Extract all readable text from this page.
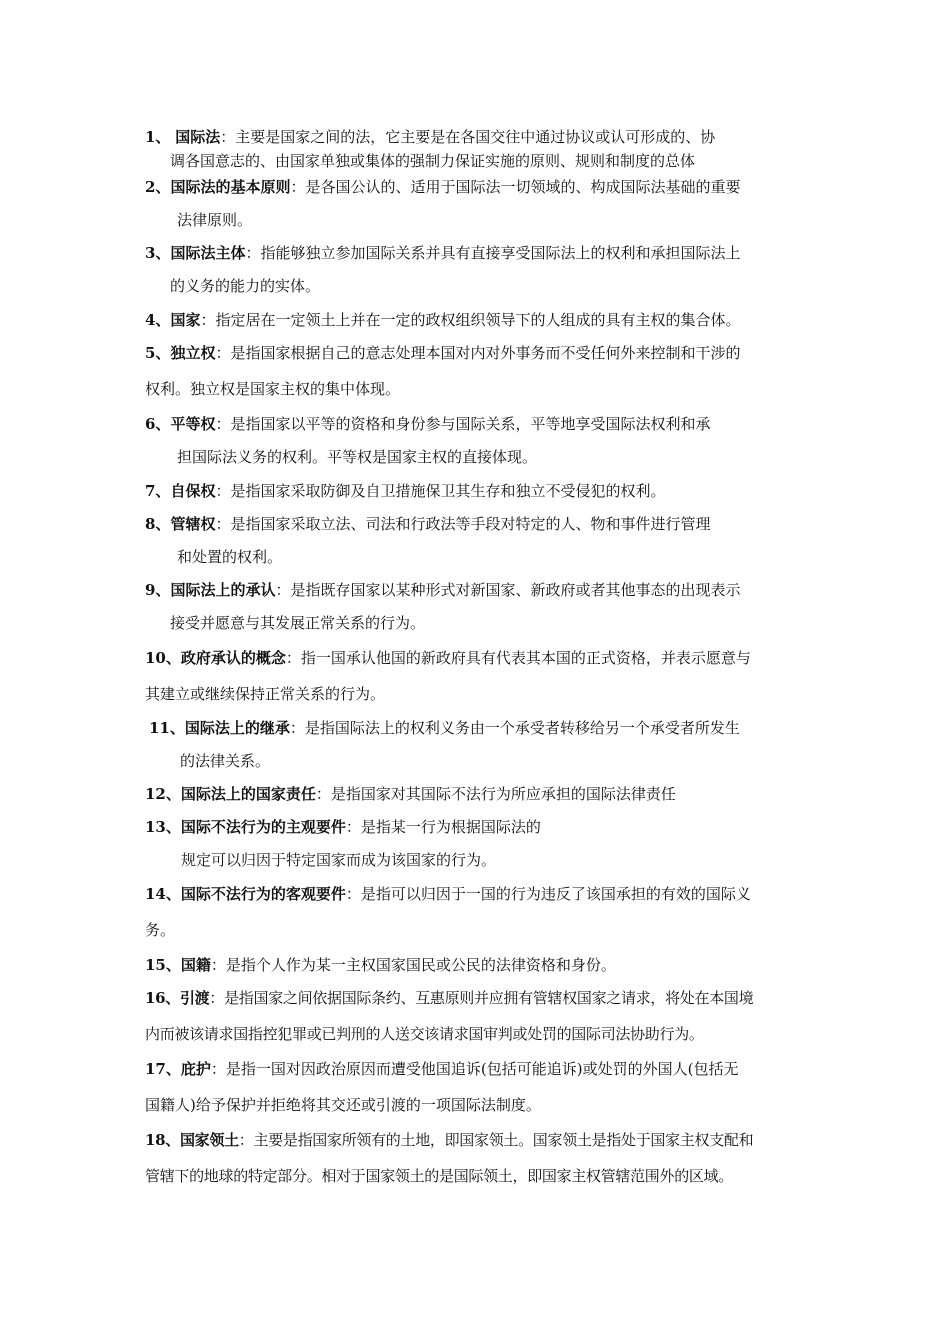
1、 国际法：主要是国家之间的法，它主要是在各国交往中通过协议或认可形成的、协
调各国意志的、由国家单独或集体的强制力保证实施的原则、规则和制度的总体
2、国际法的基本原则：是各国公认的、适用于国际法一切领域的、构成国际法基础的重要
法律原则。
3、国际法主体：指能够独立参加国际关系并具有直接享受国际法上的权利和承担国际法上
的义务的能力的实体。
4、国家：指定居在一定领土上并在一定的政权组织领导下的人组成的具有主权的集合体。
5、独立权：是指国家根据自己的意志处理本国对内对外事务而不受任何外来控制和干涉的
权利。独立权是国家主权的集中体现。
6、平等权：是指国家以平等的资格和身份参与国际关系，平等地享受国际法权利和承
担国际法义务的权利。平等权是国家主权的直接体现。
7、自保权：是指国家采取防御及自卫措施保卫其生存和独立不受侵犯的权利。
8、管辖权：是指国家采取立法、司法和行政法等手段对特定的人、物和事件进行管理
和处置的权利。
9、国际法上的承认：是指既存国家以某种形式对新国家、新政府或者其他事态的出现表示
接受并愿意与其发展正常关系的行为。
10、政府承认的概念：指一国承认他国的新政府具有代表其本国的正式资格，并表示愿意与
其建立或继续保持正常关系的行为。
11、国际法上的继承：是指国际法上的权利义务由一个承受者转移给另一个承受者所发生
的法律关系。
12、国际法上的国家责任：是指国家对其国际不法行为所应承担的国际法律责任
13、国际不法行为的主观要件：是指某一行为根据国际法的
规定可以归因于特定国家而成为该国家的行为。
14、国际不法行为的客观要件：是指可以归因于一国的行为违反了该国承担的有效的国际义
务。
15、国籍：是指个人作为某一主权国家国民或公民的法律资格和身份。
16、引渡：是指国家之间依据国际条约、互惠原则并应拥有管辖权国家之请求，将处在本国境
内而被该请求国指控犯罪或已判刑的人送交该请求国审判或处罚的国际司法协助行为。
17、庇护：是指一国对因政治原因而遭受他国追诉(包括可能追诉)或处罚的外国人(包括无
国籍人)给予保护并拒绝将其交还或引渡的一项国际法制度。
18、国家领土：主要是指国家所领有的土地，即国家领土。国家领土是指处于国家主权支配和
管辖下的地球的特定部分。相对于国家领土的是国际领土，即国家主权管辖范围外的区域。
